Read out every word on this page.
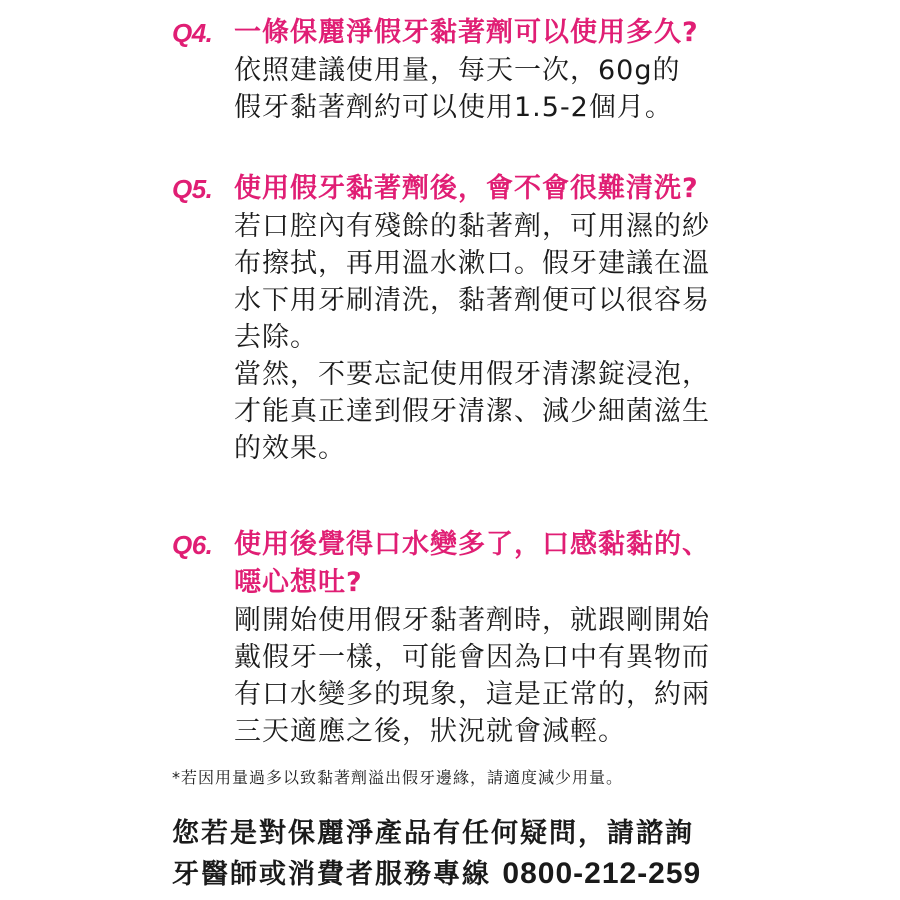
Q4. 一條保麗淨假牙黏著劑可以使用多久?
依照建議使用量，每天一次，60g的
假牙黏著劑約可以使用1.5-2個月。
Q5. 使用假牙黏著劑後，會不會很難清洗?
若口腔內有殘餘的黏著劑，可用濕的紗
布擦拭，再用溫水漱口。假牙建議在溫
水下用牙刷清洗，黏著劑便可以很容易
去除。
當然，不要忘記使用假牙清潔錠浸泡，
才能真正達到假牙清潔、減少細菌滋生
的效果。
Q6. 使用後覺得口水變多了，口感黏黏的、
噁心想吐?
剛開始使用假牙黏著劑時，就跟剛開始
戴假牙一樣，可能會因為口中有異物而
有口水變多的現象，這是正常的，約兩
三天適應之後，狀況就會減輕。
*若因用量過多以致黏著劑溢出假牙邊緣，請適度減少用量。
您若是對保麗淨產品有任何疑問，請諮詢
牙醫師或消費者服務專線 0800-212-259
